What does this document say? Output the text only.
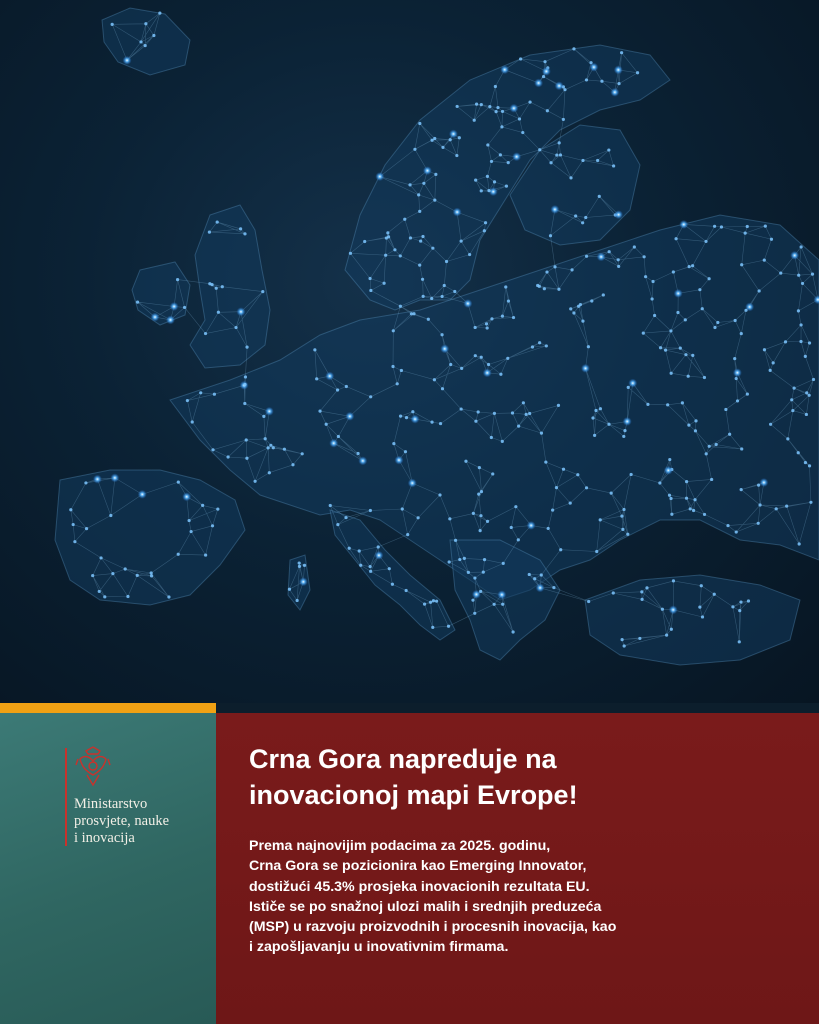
Ministarstvo
prosvjete, nauke
i inovacija
Crna Gora napreduje na
inovacionoj mapi Evrope!
Prema najnovijim podacima za 2025. godinu,
Crna Gora se pozicionira kao Emerging Innovator,
dostižući 45.3% prosjeka inovacionih rezultata EU.
Ističe se po snažnoj ulozi malih i srednjih preduzeća
(MSP) u razvoju proizvodnih i procesnih inovacija, kao
i zapošljavanju u inovativnim firmama.
